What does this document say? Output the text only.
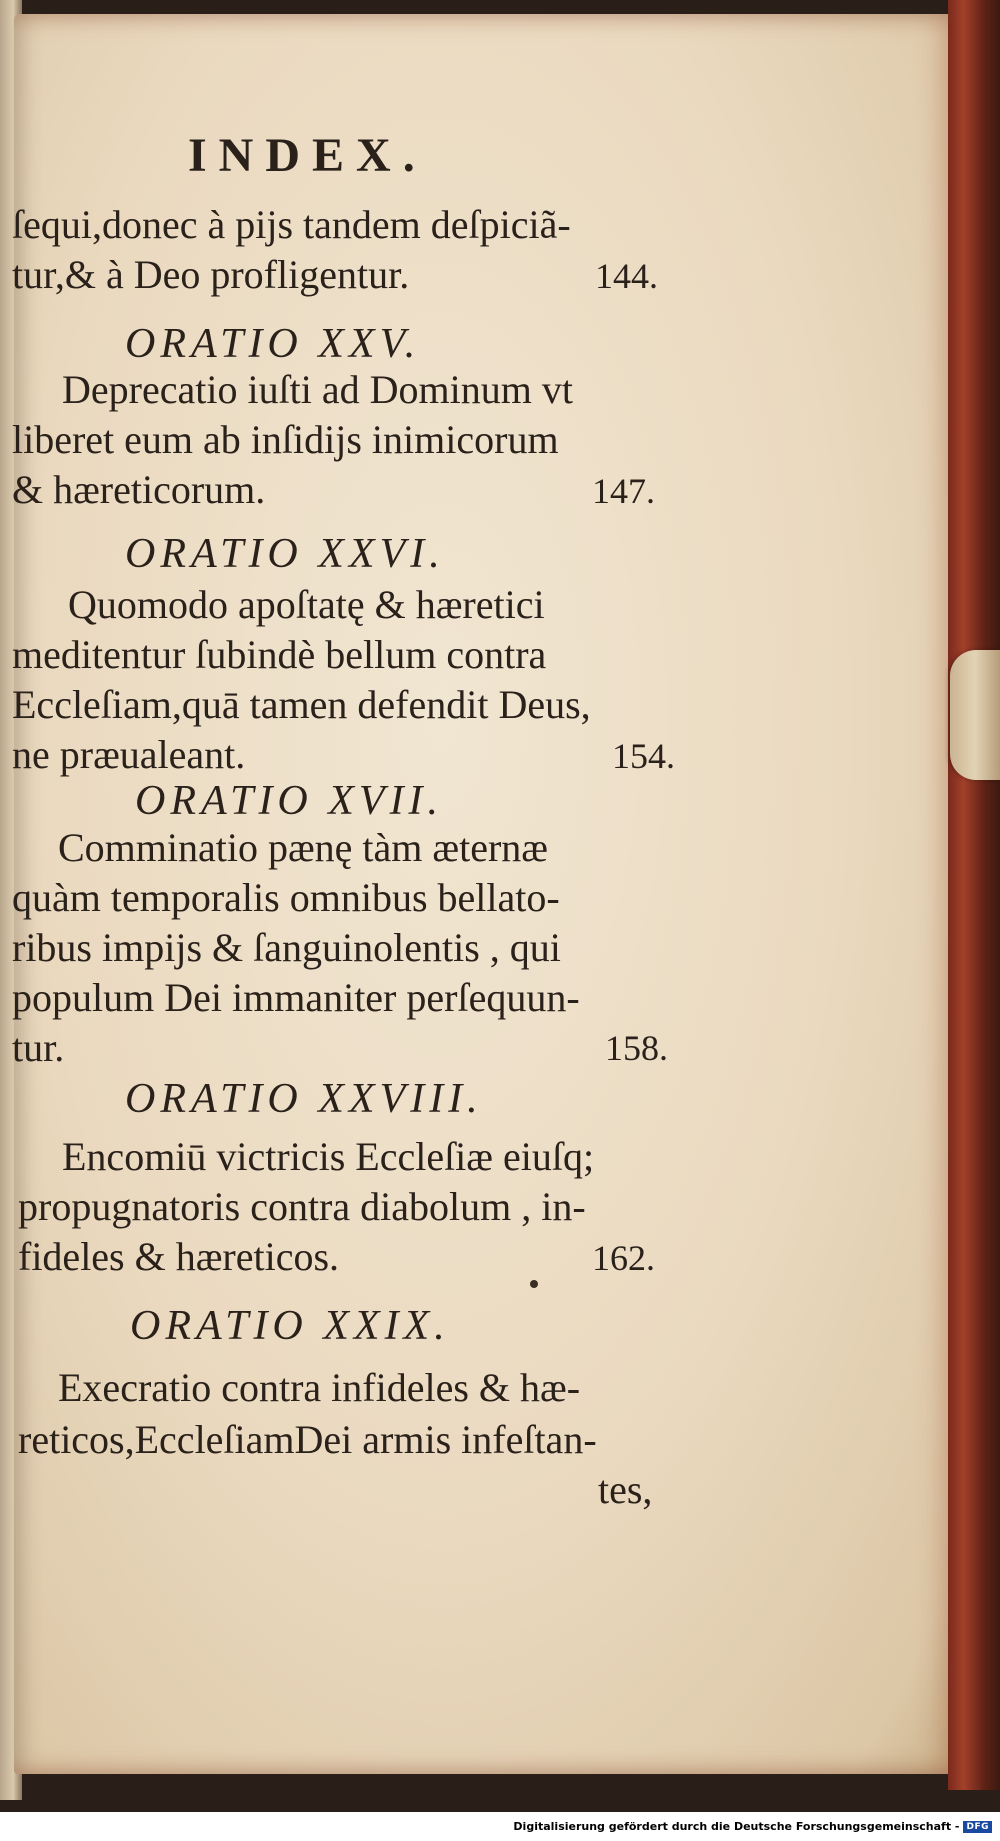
INDEX.
ſequi,donec à pijs tandem deſpiciã-
tur,& à Deo profligentur.	144.
ORATIO XXV.
Deprecatio iuſti ad Dominum vt
liberet eum ab inſidijs inimicorum
& hæreticorum.	147.
ORATIO XXVI.
Quomodo apoſtatę & hæretici
meditentur ſubindè bellum contra
Eccleſiam,quā tamen defendit Deus,
ne præualeant.	154.
ORATIO XVII.
Comminatio pænę tàm æternæ
quàm temporalis omnibus bellato-
ribus impijs & ſanguinolentis , qui
populum Dei immaniter perſequun-
tur.	158.
ORATIO XXVIII.
Encomiū victricis Eccleſiæ eiuſq;
propugnatoris contra diabolum , in-
fideles & hæreticos.	162.
ORATIO XXIX.
Execratio contra infideles & hæ-
reticos,EccleſiamDei armis infeſtan-
tes,
Digitalisierung gefördert durch die Deutsche Forschungsgemeinschaft - DFG
